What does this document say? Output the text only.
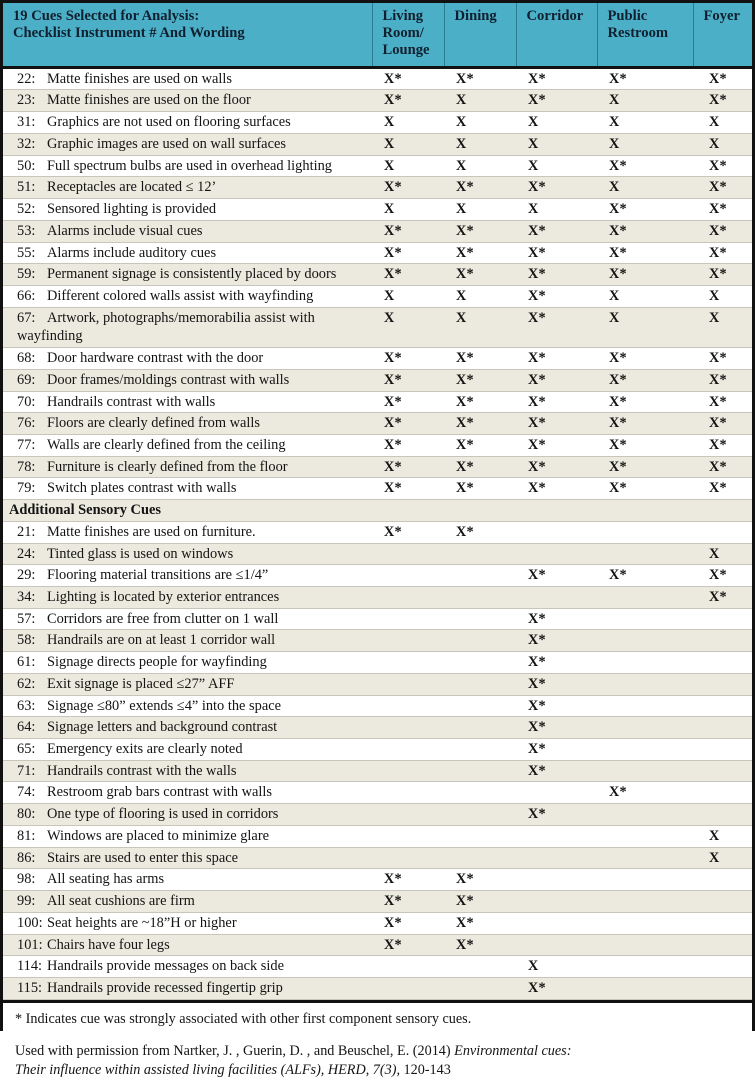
19 Cues Selected for Analysis:
Checklist Instrument # And Wording	Living Room/ Lounge	Dining	Corridor	Public Restroom	Foyer
22: Matte finishes are used on walls	X*	X*	X*	X*	X*
23: Matte finishes are used on the floor	X*	X	X*	X	X*
31: Graphics are not used on flooring surfaces	X	X	X	X	X
32: Graphic images are used on wall surfaces	X	X	X	X	X
50: Full spectrum bulbs are used in overhead lighting	X	X	X	X*	X*
51: Receptacles are located ≤ 12’	X*	X*	X*	X	X*
52: Sensored lighting is provided	X	X	X	X*	X*
53: Alarms include visual cues	X*	X*	X*	X*	X*
55: Alarms include auditory cues	X*	X*	X*	X*	X*
59: Permanent signage is consistently placed by doors	X*	X*	X*	X*	X*
66: Different colored walls assist with wayfinding	X	X	X*	X	X
67: Artwork, photographs/memorabilia assist with wayfinding	X	X	X*	X	X
68: Door hardware contrast with the door	X*	X*	X*	X*	X*
69: Door frames/moldings contrast with walls	X*	X*	X*	X*	X*
70: Handrails contrast with walls	X*	X*	X*	X*	X*
76: Floors are clearly defined from walls	X*	X*	X*	X*	X*
77: Walls are clearly defined from the ceiling	X*	X*	X*	X*	X*
78: Furniture is clearly defined from the floor	X*	X*	X*	X*	X*
79: Switch plates contrast with walls	X*	X*	X*	X*	X*
Additional Sensory Cues					
21: Matte finishes are used on furniture.	X*	X*			
24: Tinted glass is used on windows					X
29: Flooring material transitions are ≤1/4”			X*	X*	X*
34: Lighting is located by exterior entrances					X*
57: Corridors are free from clutter on 1 wall			X*		
58: Handrails are on at least 1 corridor wall			X*		
61: Signage directs people for wayfinding			X*		
62: Exit signage is placed ≤27” AFF			X*		
63: Signage ≤80” extends ≤4” into the space			X*		
64: Signage letters and background contrast			X*		
65: Emergency exits are clearly noted			X*		
71: Handrails contrast with the walls			X*		
74: Restroom grab bars contrast with walls				X*	
80: One type of flooring is used in corridors			X*		
81: Windows are placed to minimize glare					X
86: Stairs are used to enter this space					X
98: All seating has arms	X*	X*			
99: All seat cushions are firm	X*	X*			
100: Seat heights are ~18”H or higher	X*	X*			
101: Chairs have four legs	X*	X*			
114: Handrails provide messages on back side			X		
115: Handrails provide recessed fingertip grip			X*		

* Indicates cue was strongly associated with other first component sensory cues.

Used with permission from Nartker, J. , Guerin, D. , and Beuschel, E. (2014) Environmental cues:
Their influence within assisted living facilities (ALFs), HERD, 7(3), 120-143
